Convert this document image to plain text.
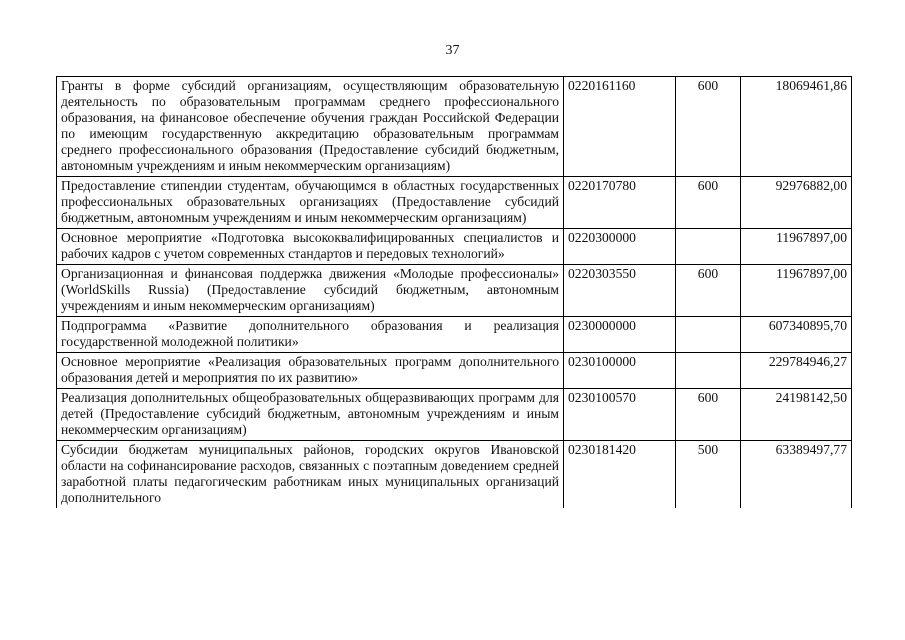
37
Гранты в форме субсидий организациям, осуществляющим образовательную деятельность по образовательным программам среднего профессионального образования, на финансовое обеспечение обучения граждан Российской Федерации по имеющим государственную аккредитацию образовательным программам среднего профессионального образования (Предоставление субсидий бюджетным, автономным учреждениям и иным некоммерческим организациям)	0220161160	600	18069461,86
Предоставление стипендии студентам, обучающимся в областных государственных профессиональных образовательных организациях (Предоставление субсидий бюджетным, автономным учреждениям и иным некоммерческим организациям)	0220170780	600	92976882,00
Основное мероприятие «Подготовка высококвалифицированных специалистов и рабочих кадров с учетом современных стандартов и передовых технологий»	0220300000		11967897,00
Организационная и финансовая поддержка движения «Молодые профессионалы» (WorldSkills Russia) (Предоставление субсидий бюджетным, автономным учреждениям и иным некоммерческим организациям)	0220303550	600	11967897,00
Подпрограмма «Развитие дополнительного образования и реализация государственной молодежной политики»	0230000000		607340895,70
Основное мероприятие «Реализация образовательных программ дополнительного образования детей и мероприятия по их развитию»	0230100000		229784946,27
Реализация дополнительных общеобразовательных общеразвивающих программ для детей (Предоставление субсидий бюджетным, автономным учреждениям и иным некоммерческим организациям)	0230100570	600	24198142,50
Субсидии бюджетам муниципальных районов, городских округов Ивановской области на софинансирование расходов, связанных с поэтапным доведением средней заработной платы педагогическим работникам иных муниципальных организаций дополнительного	0230181420	500	63389497,77
